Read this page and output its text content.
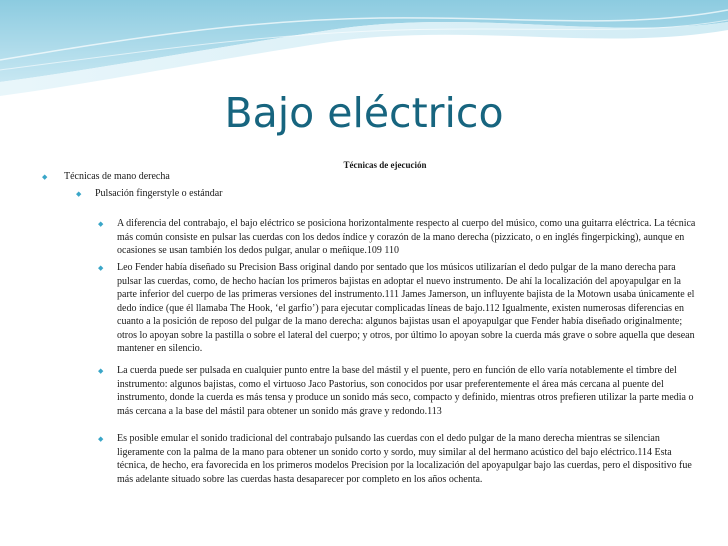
Bajo eléctrico
Técnicas de ejecución
◆ Técnicas de mano derecha
◆ Pulsación fingerstyle o estándar
◆ A diferencia del contrabajo, el bajo eléctrico se posiciona horizontalmente respecto al cuerpo del músico, como una guitarra eléctrica. La técnica más común consiste en pulsar las cuerdas con los dedos índice y corazón de la mano derecha (pizzicato, o en inglés fingerpicking), aunque en ocasiones se usan también los dedos pulgar, anular o meñique.109 110
◆ Leo Fender había diseñado su Precision Bass original dando por sentado que los músicos utilizarían el dedo pulgar de la mano derecha para pulsar las cuerdas, como, de hecho hacían los primeros bajistas en adoptar el nuevo instrumento. De ahí la localización del apoyapulgar en la parte inferior del cuerpo de las primeras versiones del instrumento.111 James Jamerson, un influyente bajista de la Motown usaba únicamente el dedo índice (que él llamaba The Hook, ‘el garfio’) para ejecutar complicadas líneas de bajo.112 Igualmente, existen numerosas diferencias en cuanto a la posición de reposo del pulgar de la mano derecha: algunos bajistas usan el apoyapulgar que Fender había diseñado originalmente; otros lo apoyan sobre la pastilla o sobre el lateral del cuerpo; y otros, por último lo apoyan sobre la cuerda más grave o sobre aquella que desean mantener en silencio.
◆ La cuerda puede ser pulsada en cualquier punto entre la base del mástil y el puente, pero en función de ello varía notablemente el timbre del instrumento: algunos bajistas, como el virtuoso Jaco Pastorius, son conocidos por usar preferentemente el área más cercana al puente del instrumento, donde la cuerda es más tensa y produce un sonido más seco, compacto y definido, mientras otros prefieren utilizar la parte media o más cercana a la base del mástil para obtener un sonido más grave y redondo.113
◆ Es posible emular el sonido tradicional del contrabajo pulsando las cuerdas con el dedo pulgar de la mano derecha mientras se silencian ligeramente con la palma de la mano para obtener un sonido corto y sordo, muy similar al del hermano acústico del bajo eléctrico.114 Esta técnica, de hecho, era favorecida en los primeros modelos Precision por la localización del apoyapulgar bajo las cuerdas, pero el dispositivo fue más adelante situado sobre las cuerdas hasta desaparecer por completo en los años ochenta.
